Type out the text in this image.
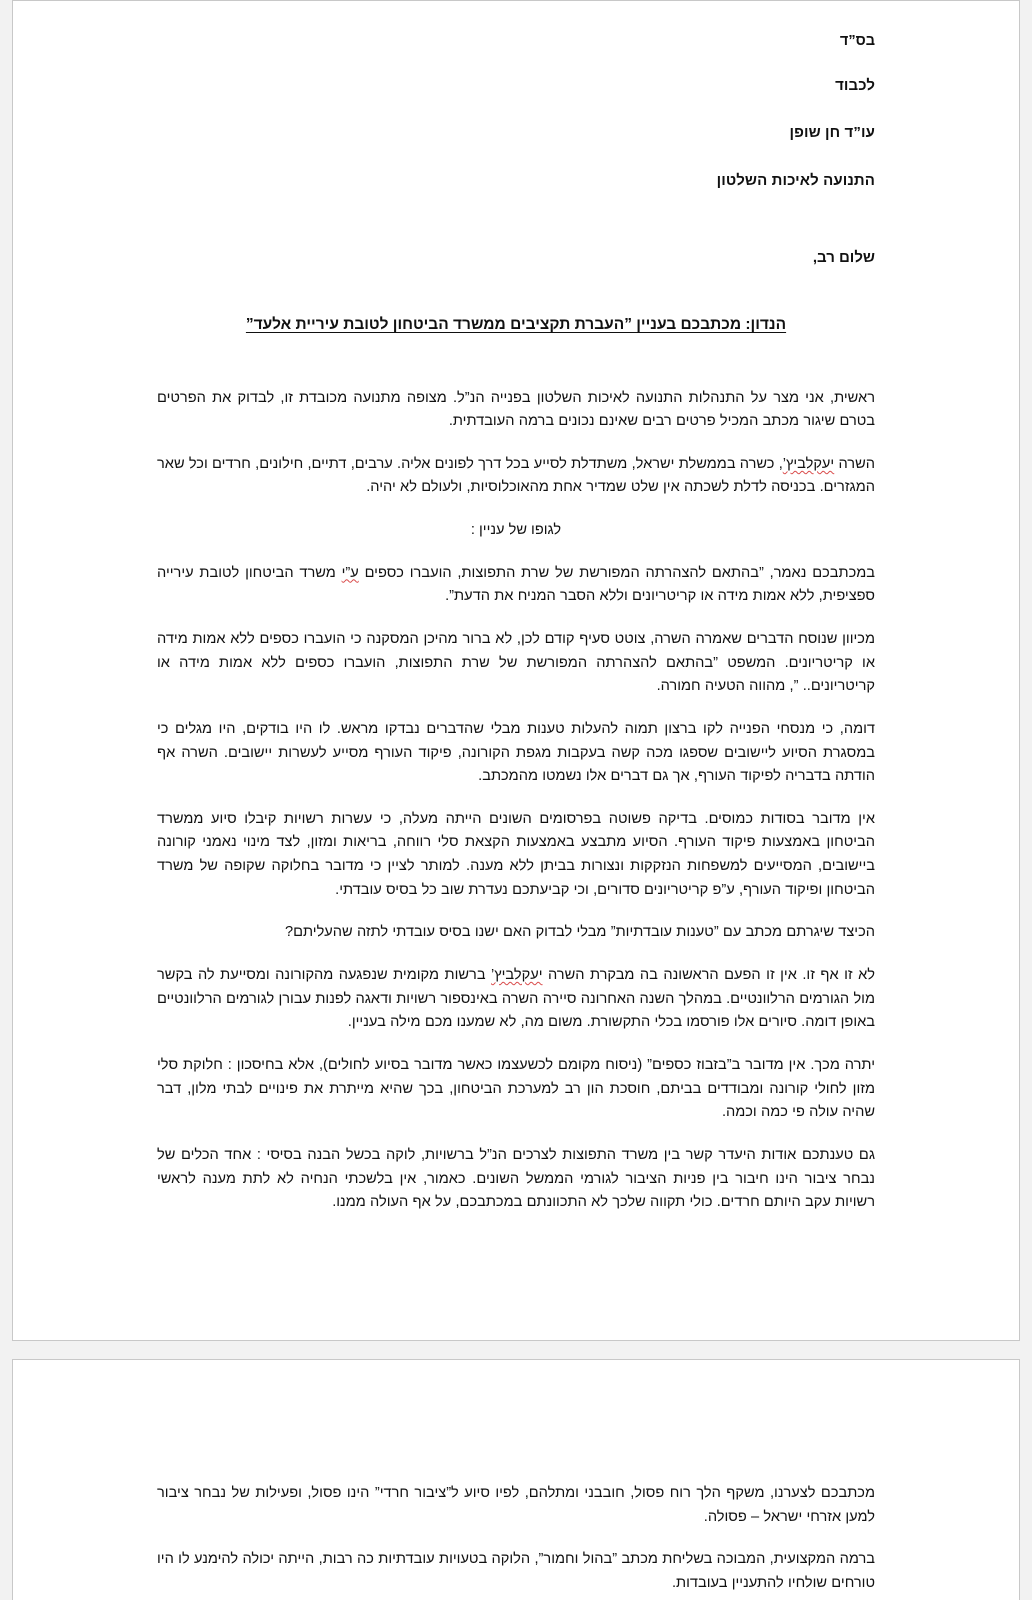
בס”ד
לכבוד
עו”ד חן שופן
התנועה לאיכות השלטון
שלום רב,
הנדון: מכתבכם בעניין ”העברת תקציבים ממשרד הביטחון לטובת עיריית אלעד”

ראשית, אני מצר על התנהלות התנועה לאיכות השלטון בפנייה הנ”ל. מצופה מתנועה מכובדת זו, לבדוק את הפרטים בטרם שיגור מכתב המכיל פרטים רבים שאינם נכונים ברמה העובדתית.

השרה יעקלביץ’, כשרה בממשלת ישראל, משתדלת לסייע בכל דרך לפונים אליה. ערבים, דתיים, חילונים, חרדים וכל שאר המגזרים. בכניסה לדלת לשכתה אין שלט שמדיר אחת מהאוכלוסיות, ולעולם לא יהיה.

לגופו של עניין :

במכתבכם נאמר, ”בהתאם להצהרתה המפורשת של שרת התפוצות, הועברו כספים ע”י משרד הביטחון לטובת עירייה ספציפית, ללא אמות מידה או קריטריונים וללא הסבר המניח את הדעת”.

מכיוון שנוסח הדברים שאמרה השרה, צוטט סעיף קודם לכן, לא ברור מהיכן המסקנה כי הועברו כספים ללא אמות מידה או קריטריונים. המשפט ”בהתאם להצהרתה המפורשת של שרת התפוצות, הועברו כספים ללא אמות מידה או קריטריונים.. ”, מהווה הטעיה חמורה.

דומה, כי מנסחי הפנייה לקו ברצון תמוה להעלות טענות מבלי שהדברים נבדקו מראש. לו היו בודקים, היו מגלים כי במסגרת הסיוע ליישובים שספגו מכה קשה בעקבות מגפת הקורונה, פיקוד העורף מסייע לעשרות יישובים. השרה אף הודתה בדבריה לפיקוד העורף, אך גם דברים אלו נשמטו מהמכתב.

אין מדובר בסודות כמוסים. בדיקה פשוטה בפרסומים השונים הייתה מעלה, כי עשרות רשויות קיבלו סיוע ממשרד הביטחון באמצעות פיקוד העורף. הסיוע מתבצע באמצעות הקצאת סלי רווחה, בריאות ומזון, לצד מינוי נאמני קורונה ביישובים, המסייעים למשפחות הנזקקות ונצורות בביתן ללא מענה. למותר לציין כי מדובר בחלוקה שקופה של משרד הביטחון ופיקוד העורף, ע”פ קריטריונים סדורים, וכי קביעתכם נעדרת שוב כל בסיס עובדתי.

הכיצד שיגרתם מכתב עם ”טענות עובדתיות” מבלי לבדוק האם ישנו בסיס עובדתי לתזה שהעליתם?

לא זו אף זו. אין זו הפעם הראשונה בה מבקרת השרה יעקלביץ’ ברשות מקומית שנפגעה מהקורונה ומסייעת לה בקשר מול הגורמים הרלוונטיים. במהלך השנה האחרונה סיירה השרה באינספור רשויות ודאגה לפנות עבורן לגורמים הרלוונטיים באופן דומה. סיורים אלו פורסמו בכלי התקשורת. משום מה, לא שמענו מכם מילה בעניין.

יתרה מכך. אין מדובר ב”בזבוז כספים” (ניסוח מקומם לכשעצמו כאשר מדובר בסיוע לחולים), אלא בחיסכון : חלוקת סלי מזון לחולי קורונה ומבודדים בביתם, חוסכת הון רב למערכת הביטחון, בכך שהיא מייתרת את פינויים לבתי מלון, דבר שהיה עולה פי כמה וכמה.

גם טענתכם אודות היעדר קשר בין משרד התפוצות לצרכים הנ”ל ברשויות, לוקה בכשל הבנה בסיסי : אחד הכלים של נבחר ציבור הינו חיבור בין פניות הציבור לגורמי הממשל השונים. כאמור, אין בלשכתי הנחיה לא לתת מענה לראשי רשויות עקב היותם חרדים. כולי תקווה שלכך לא התכוונתם במכתבכם, על אף העולה ממנו.

מכתבכם לצערנו, משקף הלך רוח פסול, חובבני ומתלהם, לפיו סיוע ל”ציבור חרדי” הינו פסול, ופעילות של נבחר ציבור למען אזרחי ישראל – פסולה.

ברמה המקצועית, המבוכה בשליחת מכתב ”בהול וחמור”, הלוקה בטעויות עובדתיות כה רבות, הייתה יכולה להימנע לו היו טורחים שולחיו להתעניין בעובדות.
